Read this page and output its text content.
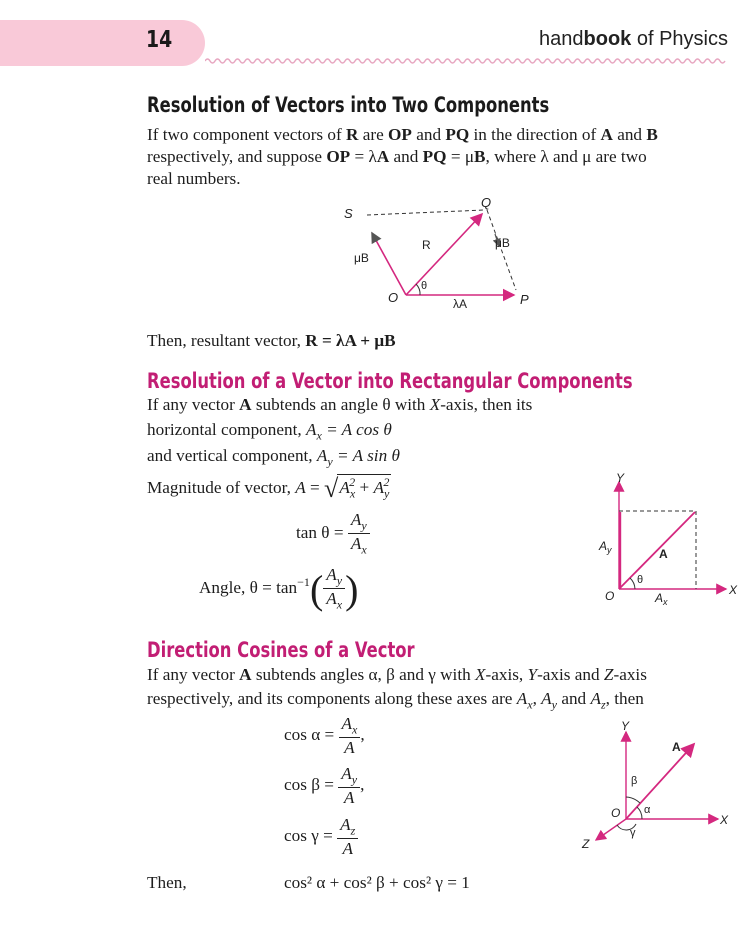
14	handbook of Physics
Resolution of Vectors into Two Components
If two component vectors of R are OP and PQ in the direction of A and B
respectively, and suppose OP = λA and PQ = μB, where λ and μ are two
real numbers.
S
Q
O	P
R
μB
μB
λA
θ
Then, resultant vector, R = λA + μB
Resolution of a Vector into Rectangular Components
If any vector A subtends an angle θ with X-axis, then its
horizontal component, $A_x = A$ cos θ
and vertical component, $A_y = A$ sin θ
Magnitude of vector, $A = √A_x^2 + A_y^2$
$\tan \theta = \frac{A_y}{A_x}$
Angle, $\theta = \tan^{-1}( \frac{A_y}{A_x}$ )
Y
X
O
A
$A_y$
$A_x$
θ
Direction Cosines of a Vector
If any vector A subtends angles α, β and γ with X-axis, Y-axis and Z-axis
respectively, and its components along these axes are $A_x$, $A_y$ and $A_z$, then
$\cos \alpha = \frac{A_x}{A}$ ,
$\cos \beta = \frac{A_y}{A}$ ,
$\cos \gamma = \frac{A_z}{A}$
Then,	cos² α + cos² β + cos² γ = 1
Y
X
Z
O
A
α
β
γ
